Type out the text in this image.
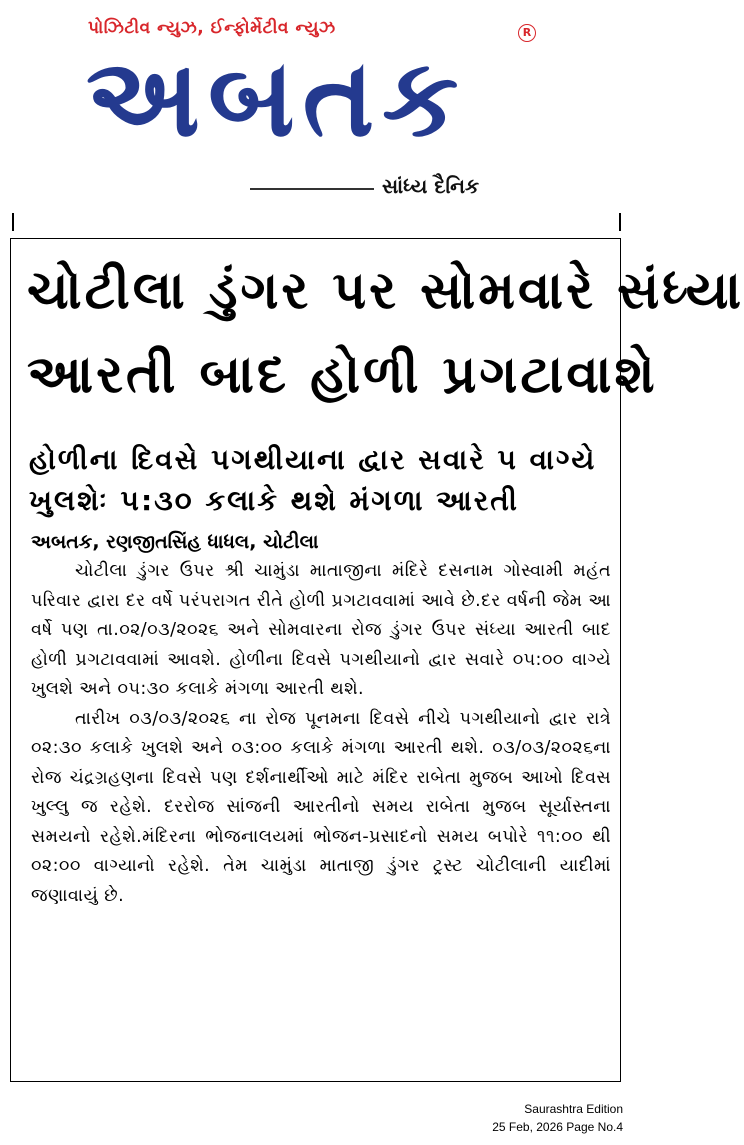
પોઝિટીવ ન્યુઝ, ઈન્ફોર્મેટીવ ન્યુઝ
અબતક
R
સાંધ્ય દૈનિક
ચોટીલા ડુંગર પર સોમવારે સંધ્યા
આરતી બાદ હોળી પ્રગટાવાશે
હોળીના દિવસે પગથીયાના દ્વાર સવારે ૫ વાગ્યે
ખુલશેઃ ૫:૩૦ કલાકે થશે મંગળા આરતી
અબતક, રણજીતસિંહ ધાધલ, ચોટીલા

ચોટીલા ડુંગર ઉપર શ્રી ચામુંડા માતાજીના મંદિરે દસનામ ગોસ્વામી મહંત પરિવાર દ્વારા દર વર્ષે પરંપરાગત રીતે હોળી પ્રગટાવવામાં આવે છે.દર વર્ષની જેમ આ વર્ષે પણ તા.૦૨/૦૩/૨૦૨૬ અને સોમવારના રોજ ડુંગર ઉપર સંધ્યા આરતી બાદ હોળી પ્રગટાવવામાં આવશે. હોળીના દિવસે પગથીયાનો દ્વાર સવારે ૦૫:૦૦ વાગ્યે ખુલશે અને ૦૫:૩૦ કલાકે મંગળા આરતી થશે.

તારીખ ૦૩/૦૩/૨૦૨૬ ના રોજ પૂનમના દિવસે નીચે પગથીયાનો દ્વાર રાત્રે ૦૨:૩૦ કલાકે ખુલશે અને ૦૩:૦૦ કલાકે મંગળા આરતી થશે. ૦૩/૦૩/૨૦૨૬ના રોજ ચંદ્રગ્રહણના દિવસે પણ દર્શનાર્થીઓ માટે મંદિર રાબેતા મુજબ આખો દિવસ ખુલ્લુ જ રહેશે. દરરોજ સાંજની આરતીનો સમય રાબેતા મુજબ સૂર્યાસ્તના સમયનો રહેશે.મંદિરના ભોજનાલયમાં ભોજન-પ્રસાદનો સમય બપોરે ૧૧:૦૦ થી ૦૨:૦૦ વાગ્યાનો રહેશે. તેમ ચામુંડા માતાજી ડુંગર ટ્રસ્ટ ચોટીલાની યાદીમાં જણાવાયું છે.

Saurashtra Edition
25 Feb, 2026 Page No.4
